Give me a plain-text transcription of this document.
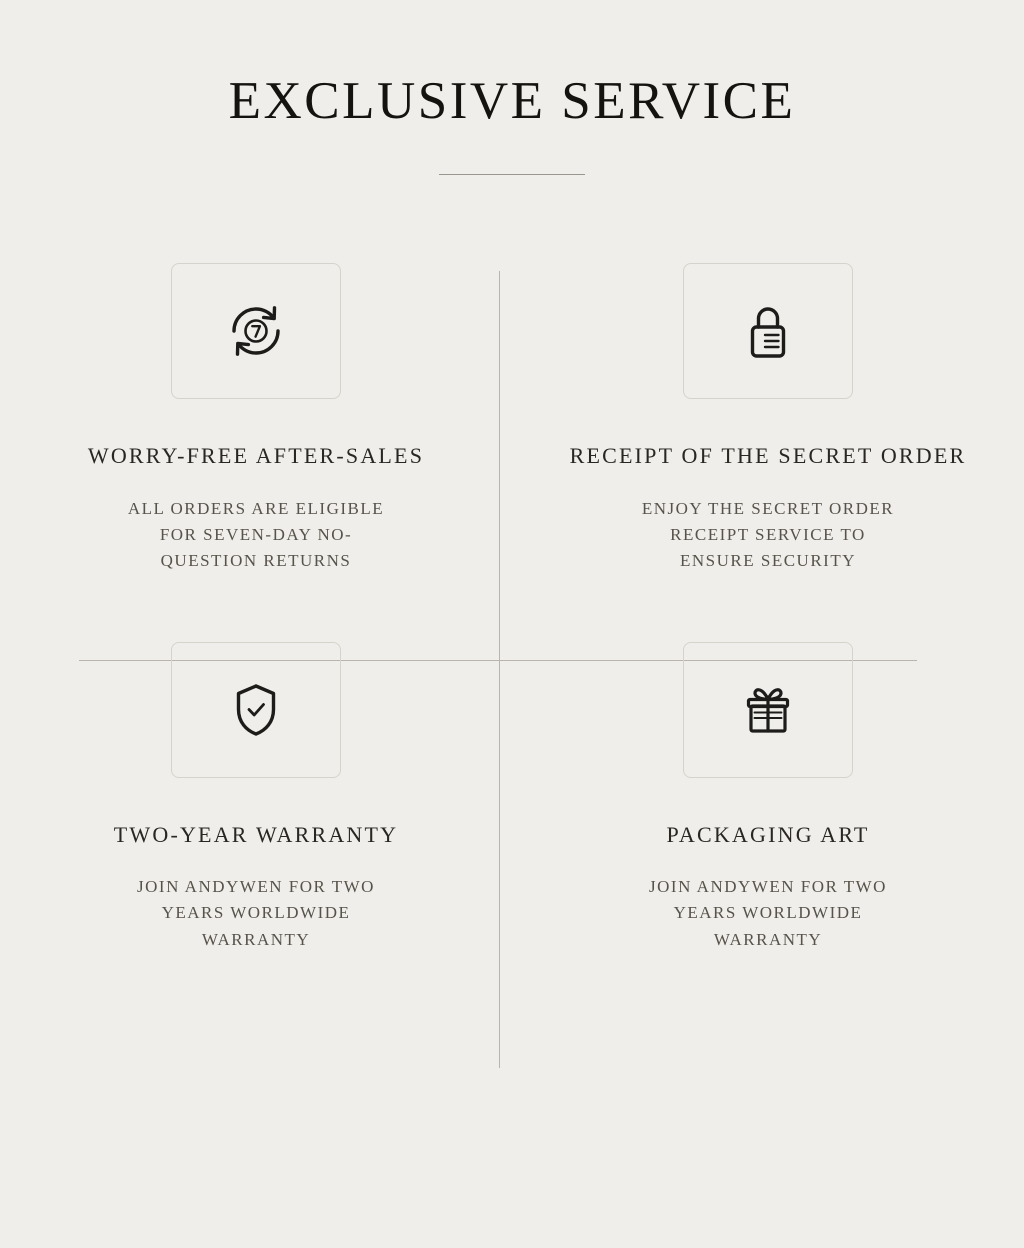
EXCLUSIVE SERVICE
WORRY-FREE AFTER-SALES
ALL ORDERS ARE ELIGIBLE FOR SEVEN-DAY NO-QUESTION RETURNS
RECEIPT OF THE SECRET ORDER
ENJOY THE SECRET ORDER RECEIPT SERVICE TO ENSURE SECURITY
TWO-YEAR WARRANTY
JOIN ANDYWEN FOR TWO YEARS WORLDWIDE WARRANTY
PACKAGING ART
JOIN ANDYWEN FOR TWO YEARS WORLDWIDE WARRANTY
